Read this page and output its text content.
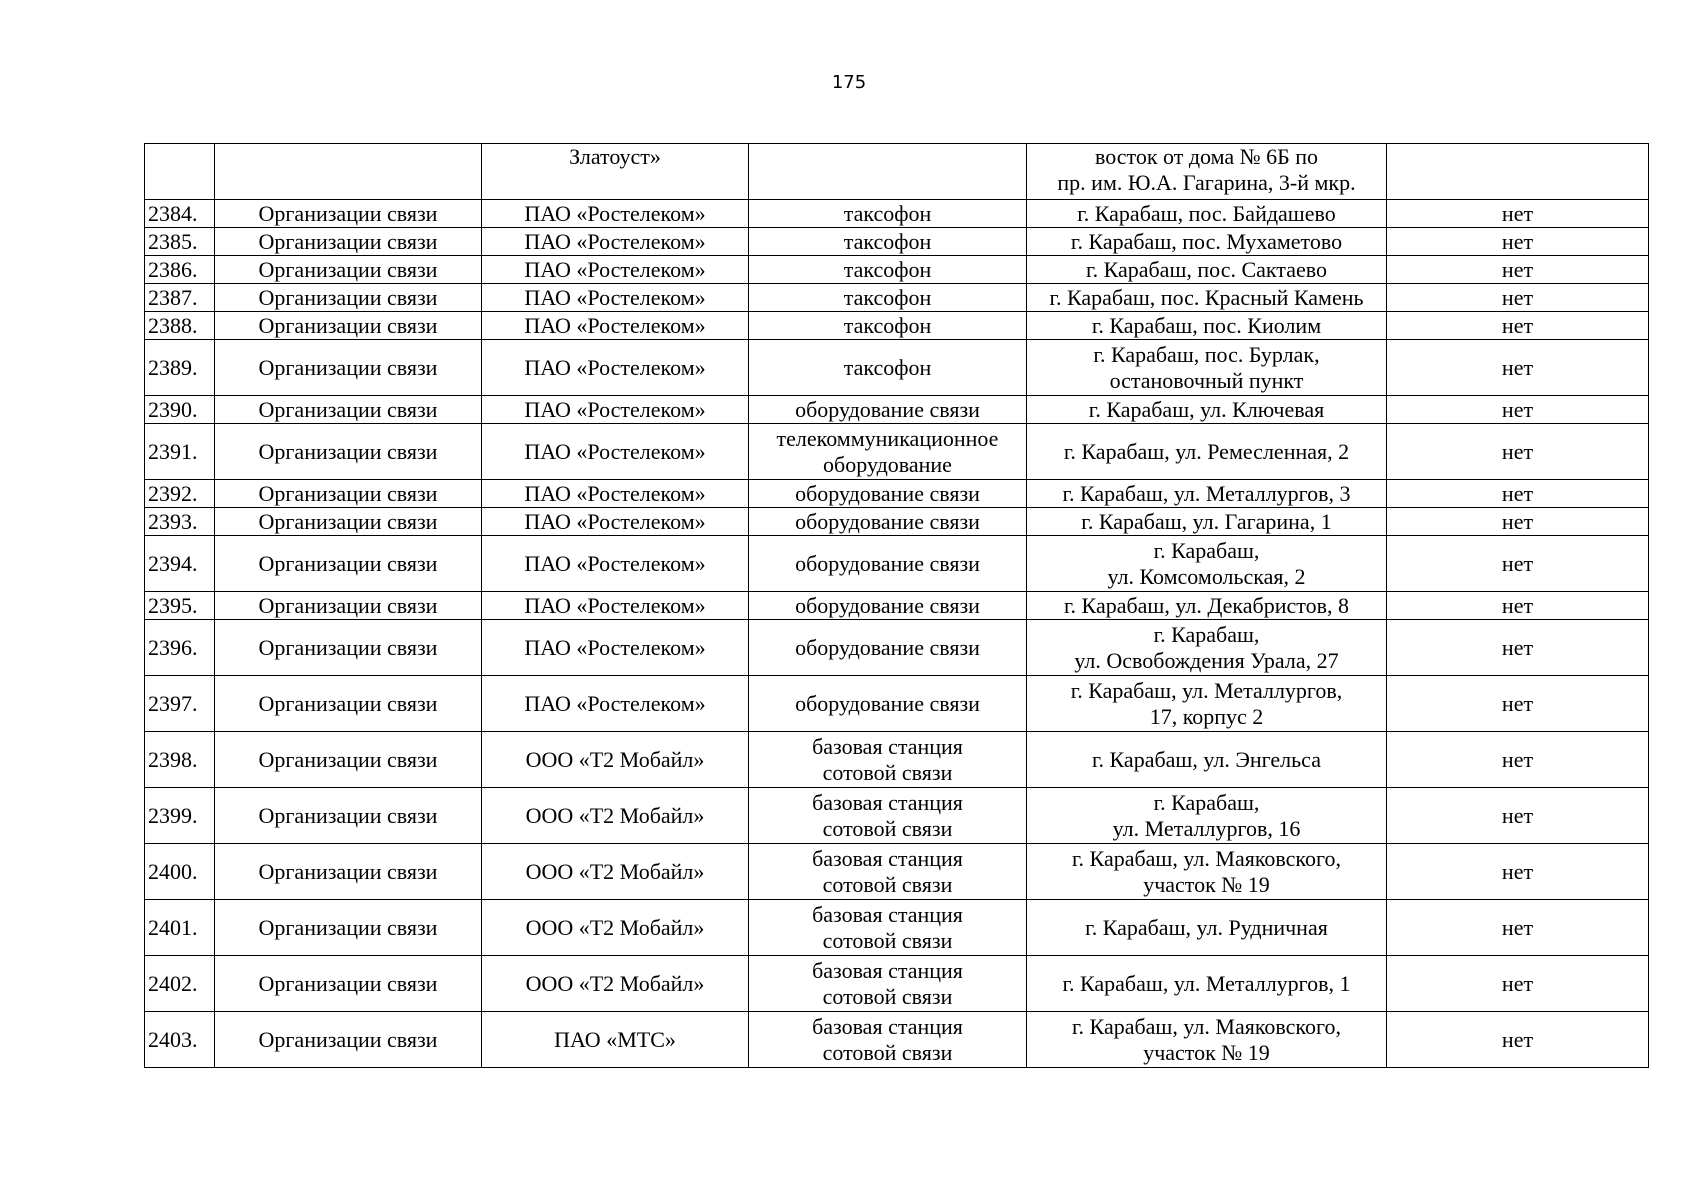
175

		Златоуст»		восток от дома № 6Б по
пр. им. Ю.А. Гагарина, 3-й мкр.	

2384.	Организации связи	ПАО «Ростелеком»	таксофон	г. Карабаш, пос. Байдашево	нет
2385.	Организации связи	ПАО «Ростелеком»	таксофон	г. Карабаш, пос. Мухаметово	нет
2386.	Организации связи	ПАО «Ростелеком»	таксофон	г. Карабаш, пос. Сактаево	нет
2387.	Организации связи	ПАО «Ростелеком»	таксофон	г. Карабаш, пос. Красный Камень	нет
2388.	Организации связи	ПАО «Ростелеком»	таксофон	г. Карабаш, пос. Киолим	нет
2389.	Организации связи	ПАО «Ростелеком»	таксофон	г. Карабаш, пос. Бурлак,
остановочный пункт	нет
2390.	Организации связи	ПАО «Ростелеком»	оборудование связи	г. Карабаш, ул. Ключевая	нет
2391.	Организации связи	ПАО «Ростелеком»	телекоммуникационное
оборудование	г. Карабаш, ул. Ремесленная, 2	нет
2392.	Организации связи	ПАО «Ростелеком»	оборудование связи	г. Карабаш, ул. Металлургов, 3	нет
2393.	Организации связи	ПАО «Ростелеком»	оборудование связи	г. Карабаш, ул. Гагарина, 1	нет
2394.	Организации связи	ПАО «Ростелеком»	оборудование связи	г. Карабаш,
ул. Комсомольская, 2	нет
2395.	Организации связи	ПАО «Ростелеком»	оборудование связи	г. Карабаш, ул. Декабристов, 8	нет
2396.	Организации связи	ПАО «Ростелеком»	оборудование связи	г. Карабаш,
ул. Освобождения Урала, 27	нет
2397.	Организации связи	ПАО «Ростелеком»	оборудование связи	г. Карабаш, ул. Металлургов,
17, корпус 2	нет
2398.	Организации связи	ООО «Т2 Мобайл»	базовая станция
сотовой связи	г. Карабаш, ул. Энгельса	нет
2399.	Организации связи	ООО «Т2 Мобайл»	базовая станция
сотовой связи	г. Карабаш,
ул. Металлургов, 16	нет
2400.	Организации связи	ООО «Т2 Мобайл»	базовая станция
сотовой связи	г. Карабаш, ул. Маяковского,
участок № 19	нет
2401.	Организации связи	ООО «Т2 Мобайл»	базовая станция
сотовой связи	г. Карабаш, ул. Рудничная	нет
2402.	Организации связи	ООО «Т2 Мобайл»	базовая станция
сотовой связи	г. Карабаш, ул. Металлургов, 1	нет
2403.	Организации связи	ПАО «МТС»	базовая станция
сотовой связи	г. Карабаш, ул. Маяковского,
участок № 19	нет
